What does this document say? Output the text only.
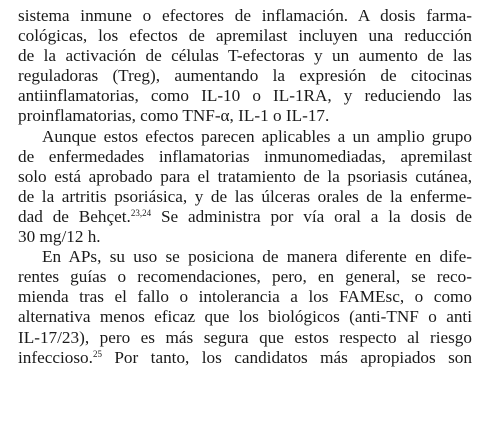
sistema inmune o efectores de inflamación. A dosis farma-
cológicas, los efectos de apremilast incluyen una reducción
de la activación de células T-efectoras y un aumento de las
reguladoras (Treg), aumentando la expresión de citocinas
antiinflamatorias, como IL-10 o IL-1RA, y reduciendo las
proinflamatorias, como TNF-α, IL-1 o IL-17.
Aunque estos efectos parecen aplicables a un amplio grupo
de enfermedades inflamatorias inmunomediadas, apremilast
solo está aprobado para el tratamiento de la psoriasis cutánea,
de la artritis psoriásica, y de las úlceras orales de la enferme-
dad de Behçet.$^{23,24}$ Se administra por vía oral a la dosis de
30 mg/12 h.
En APs, su uso se posiciona de manera diferente en dife-
rentes guías o recomendaciones, pero, en general, se reco-
mienda tras el fallo o intolerancia a los FAMEsc, o como
alternativa menos eficaz que los biológicos (anti-TNF o anti
IL-17/23), pero es más segura que estos respecto al riesgo
infeccioso.$^{25}$ Por tanto, los candidatos más apropiados son
